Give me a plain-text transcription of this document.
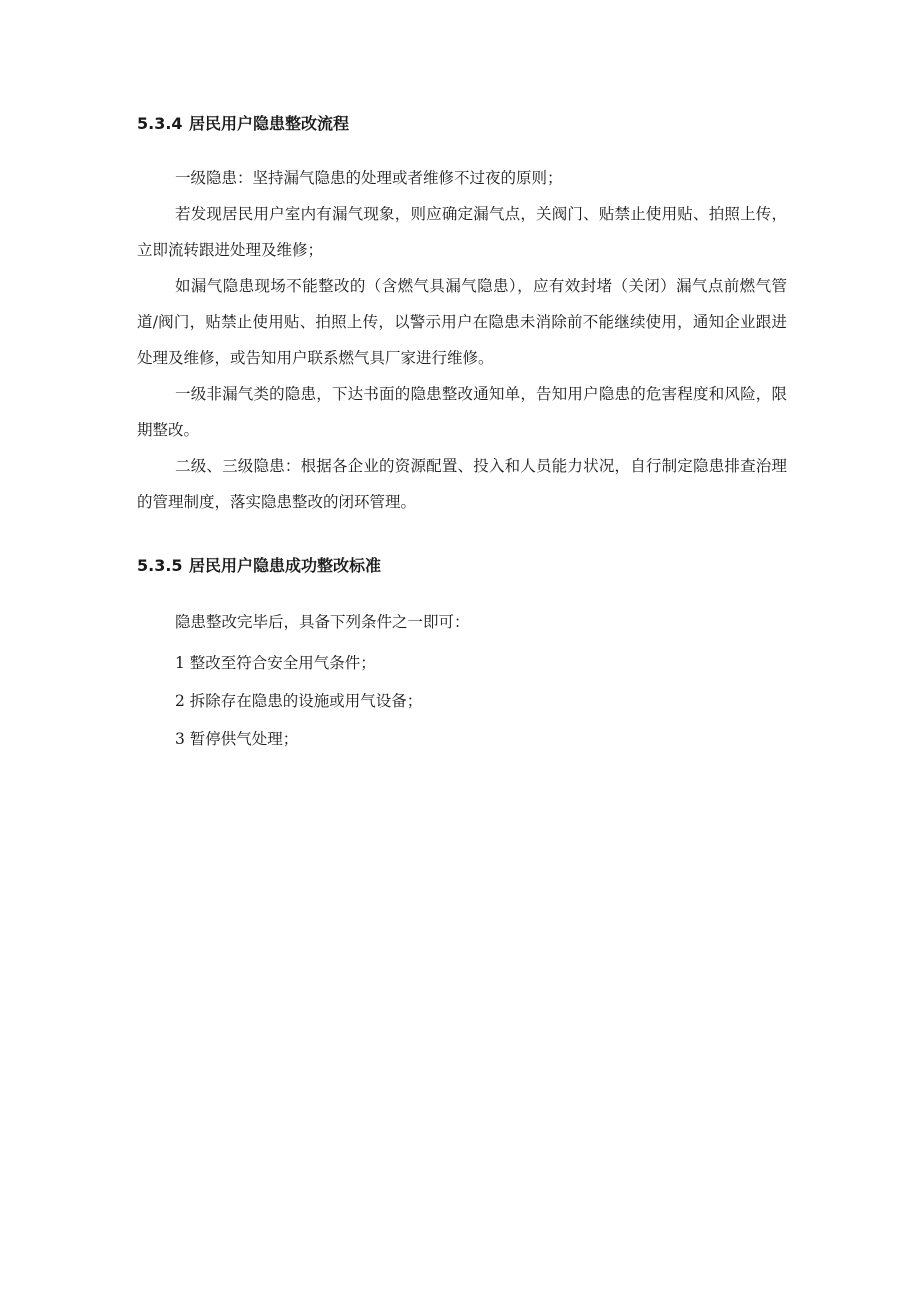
5.3.4 居民用户隐患整改流程

一级隐患：坚持漏气隐患的处理或者维修不过夜的原则；

若发现居民用户室内有漏气现象，则应确定漏气点，关阀门、贴禁止使用贴、拍照上传，立即流转跟进处理及维修；

如漏气隐患现场不能整改的（含燃气具漏气隐患），应有效封堵（关闭）漏气点前燃气管道/阀门，贴禁止使用贴、拍照上传，以警示用户在隐患未消除前不能继续使用，通知企业跟进处理及维修，或告知用户联系燃气具厂家进行维修。

一级非漏气类的隐患，下达书面的隐患整改通知单，告知用户隐患的危害程度和风险，限期整改。

二级、三级隐患：根据各企业的资源配置、投入和人员能力状况，自行制定隐患排查治理的管理制度，落实隐患整改的闭环管理。

5.3.5 居民用户隐患成功整改标准
隐患整改完毕后，具备下列条件之一即可：
1 整改至符合安全用气条件；
2 拆除存在隐患的设施或用气设备；
3 暂停供气处理；
